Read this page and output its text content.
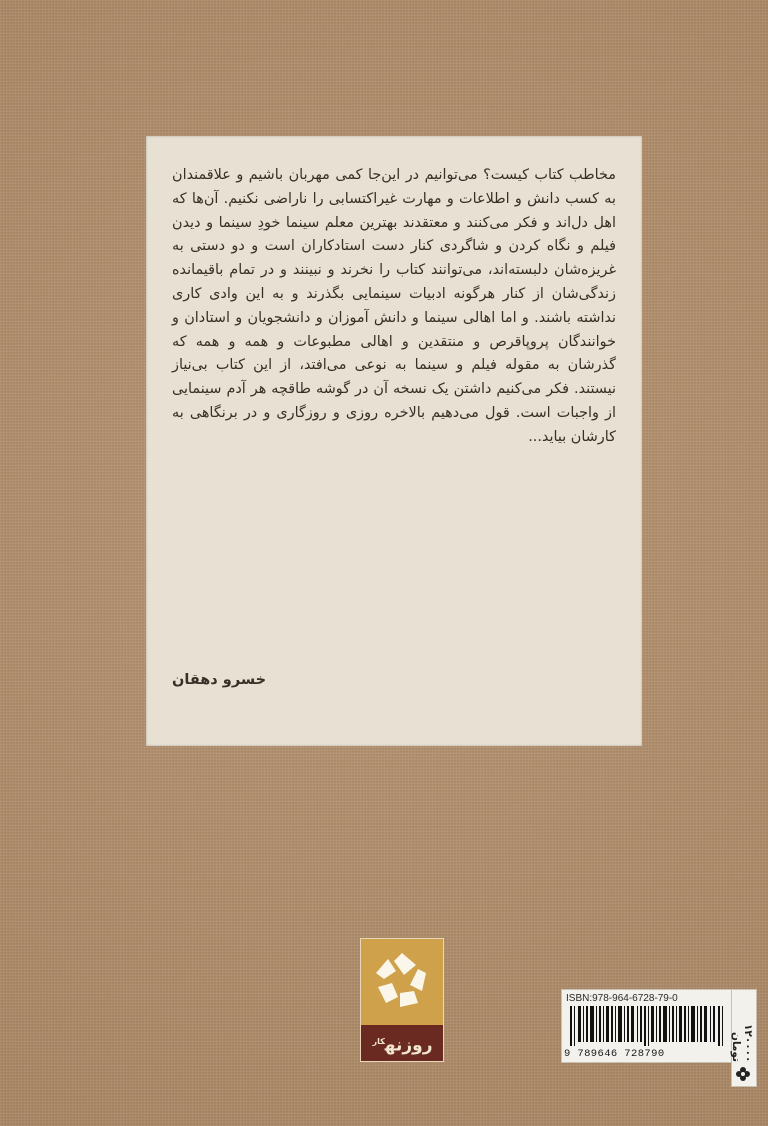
مخاطب کتاب کیست؟ می‌توانیم در این‌جا کمی مهربان باشیم و علاقمندان به کسب دانش و اطلاعات و مهارت غیراکتسابی را ناراضی نکنیم. آن‌ها که اهل دل‌اند و فکر می‌کنند و معتقدند بهترین معلم سینما خودِ سینما و دیدن فیلم و نگاه کردن و شاگردی کنار دست استادکاران است و دو دستی به غریزه‌شان دلبسته‌اند، می‌توانند کتاب را نخرند و نبینند و در تمام باقیمانده زندگی‌شان از کنار هرگونه ادبیات سینمایی بگذرند و به این وادی کاری نداشته باشند. و اما اهالی سینما و دانش آموزان و دانشجویان و استادان و خوانندگان پروپاقرص و منتقدین و اهالی مطبوعات و همه و همه که گذرشان به مقوله فیلم و سینما به نوعی می‌افتد، از این کتاب بی‌نیاز نیستند. فکر می‌کنیم داشتن یک نسخه آن در گوشه طاقچه هر آدم سینمایی از واجبات است. قول می‌دهیم بالاخره روزی و روزگاری و در برنگاهی به کارشان بیاید...

خسرو دهقان
روزنه$^{کار}$
ISBN:978-964-6728-79-0
9 789646 728790	۱۲۰۰۰۰ تومان
